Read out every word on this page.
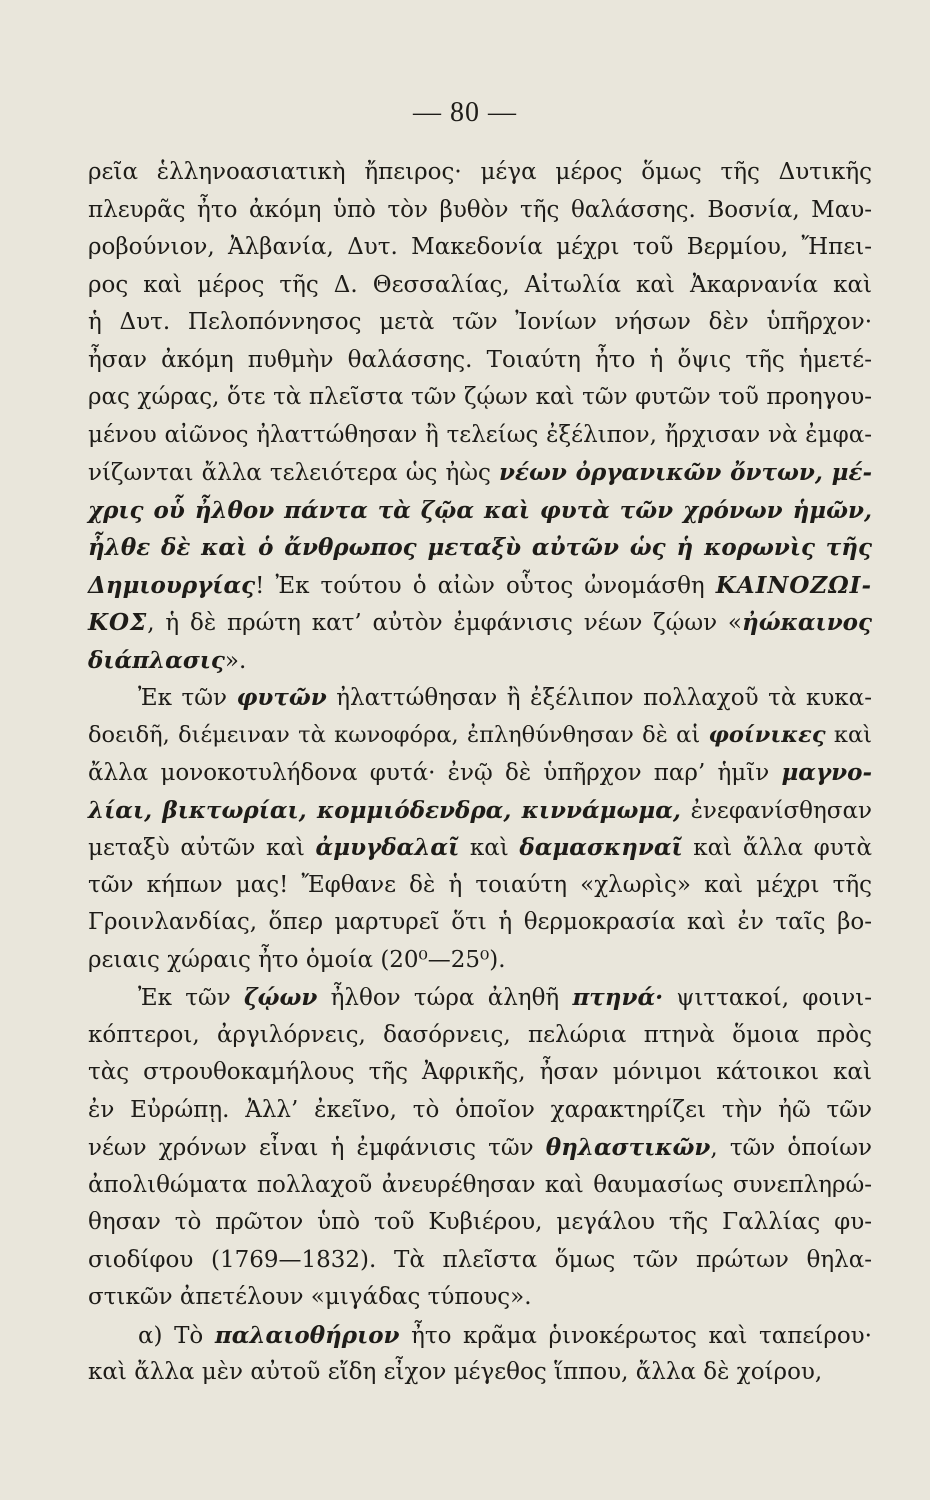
— 80 —
ρεῖα ἑλληνοασιατικὴ ἤπειρος· μέγα μέρος ὅμως τῆς Δυτικῆς
πλευρᾶς ἦτο ἀκόμη ὑπὸ τὸν βυθὸν τῆς θαλάσσης. Βοσνία, Μαυ-
ροβούνιον, Ἀλβανία, Δυτ. Μακεδονία μέχρι τοῦ Βερμίου, Ἤπει-
ρος καὶ μέρος τῆς Δ. Θεσσαλίας, Αἰτωλία καὶ Ἀκαρνανία καὶ
ἡ Δυτ. Πελοπόννησος μετὰ τῶν Ἰονίων νήσων δὲν ὑπῆρχον·
ἦσαν ἀκόμη πυθμὴν θαλάσσης. Τοιαύτη ἦτο ἡ ὄψις τῆς ἡμετέ-
ρας χώρας, ὅτε τὰ πλεῖστα τῶν ζῴων καὶ τῶν φυτῶν τοῦ προηγου-
μένου αἰῶνος ἠλαττώθησαν ἢ τελείως ἐξέλιπον, ἤρχισαν νὰ ἐμφα-
νίζωνται ἄλλα τελειότερα ὡς ἠὼς νέων ὀργανικῶν ὄντων, μέ-
χρις οὗ ἦλθον πάντα τὰ ζῷα καὶ φυτὰ τῶν χρόνων ἡμῶν,
ἦλθε δὲ καὶ ὁ ἄνθρωπος μεταξὺ αὐτῶν ὡς ἡ κορωνὶς τῆς
Δημιουργίας! Ἐκ τούτου ὁ αἰὼν οὗτος ὠνομάσθη ΚΑΙΝΟΖΩΙ-
ΚΟΣ, ἡ δὲ πρώτη κατ’ αὐτὸν ἐμφάνισις νέων ζῴων «ἠώκαινος
διάπλασις».
Ἐκ τῶν φυτῶν ἠλαττώθησαν ἢ ἐξέλιπον πολλαχοῦ τὰ κυκα-
δοειδῆ, διέμειναν τὰ κωνοφόρα, ἐπληθύνθησαν δὲ αἱ φοίνικες καὶ
ἄλλα μονοκοτυλήδονα φυτά· ἐνῷ δὲ ὑπῆρχον παρ’ ἡμῖν μαγνο-
λίαι, βικτωρίαι, κομμιόδενδρα, κιννάμωμα, ἐνεφανίσθησαν
μεταξὺ αὐτῶν καὶ ἀμυγδαλαῖ καὶ δαμασκηναῖ καὶ ἄλλα φυτὰ
τῶν κήπων μας! Ἔφθανε δὲ ἡ τοιαύτη «χλωρὶς» καὶ μέχρι τῆς
Γροινλανδίας, ὅπερ μαρτυρεῖ ὅτι ἡ θερμοκρασία καὶ ἐν ταῖς βο-
ρειαις χώραις ἦτο ὁμοία (20⁰—25⁰).
Ἐκ τῶν ζῴων ἦλθον τώρα ἀληθῆ πτηνά· ψιττακοί, φοινι-
κόπτεροι, ἀργιλόρνεις, δασόρνεις, πελώρια πτηνὰ ὅμοια πρὸς
τὰς στρουθοκαμήλους τῆς Ἀφρικῆς, ἦσαν μόνιμοι κάτοικοι καὶ
ἐν Εὐρώπῃ. Ἀλλ’ ἐκεῖνο, τὸ ὁποῖον χαρακτηρίζει τὴν ἠῶ τῶν
νέων χρόνων εἶναι ἡ ἐμφάνισις τῶν θηλαστικῶν, τῶν ὁποίων
ἀπολιθώματα πολλαχοῦ ἀνευρέθησαν καὶ θαυμασίως συνεπληρώ-
θησαν τὸ πρῶτον ὑπὸ τοῦ Κυβιέρου, μεγάλου τῆς Γαλλίας φυ-
σιοδίφου (1769—1832). Τὰ πλεῖστα ὅμως τῶν πρώτων θηλα-
στικῶν ἀπετέλουν «μιγάδας τύπους».
α) Τὸ παλαιοθήριον ἦτο κρᾶμα ῥινοκέρωτος καὶ ταπείρου·
καὶ ἄλλα μὲν αὐτοῦ εἴδη εἶχον μέγεθος ἵππου, ἄλλα δὲ χοίρου,
